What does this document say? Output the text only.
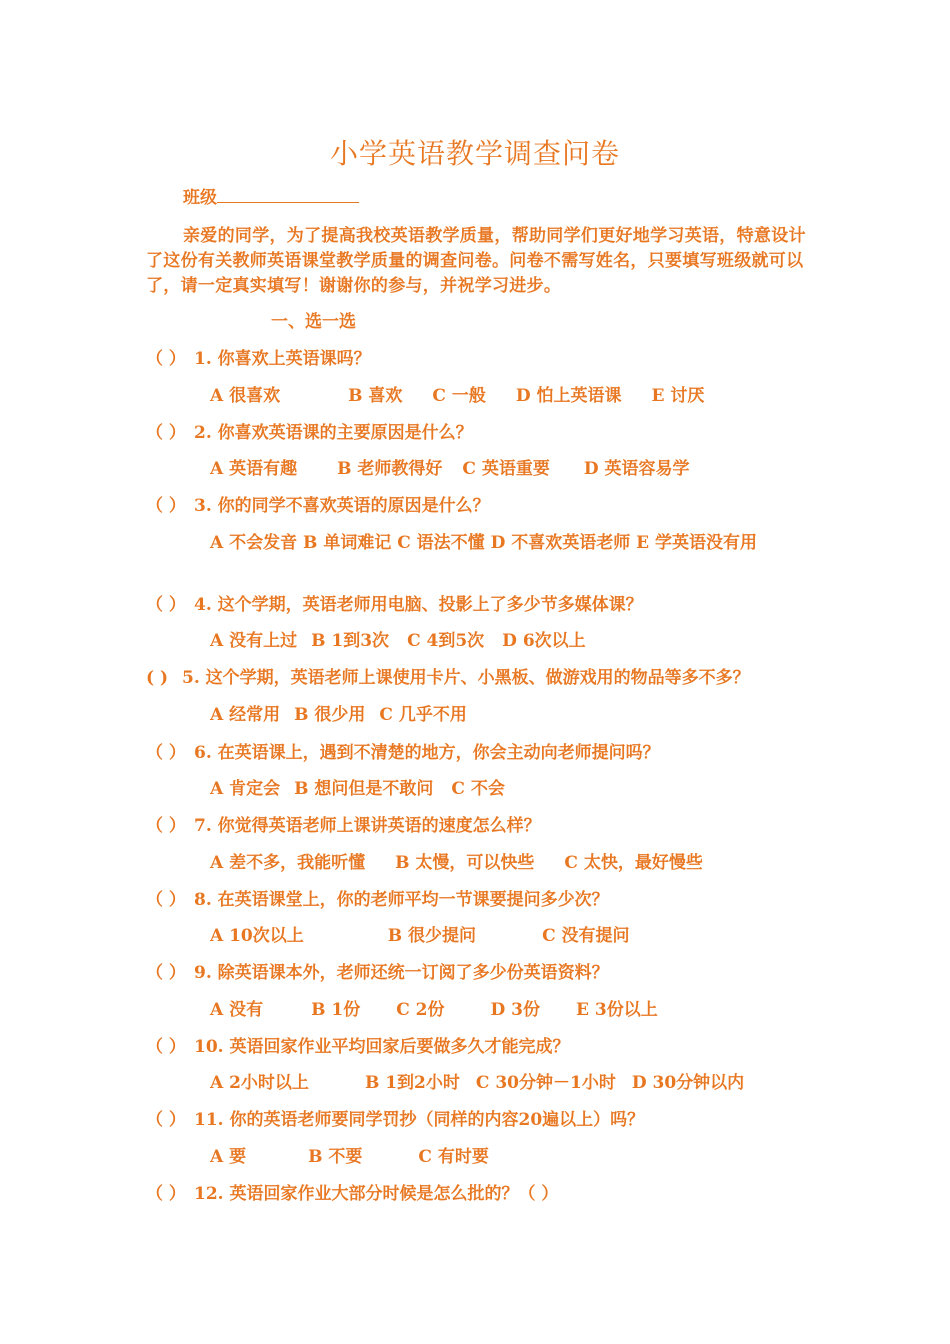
小学英语教学调查问卷
班级
亲爱的同学，为了提高我校英语教学质量，帮助同学们更好地学习英语，特意设计了这份有关教师英语课堂教学质量的调查问卷。问卷不需写姓名，只要填写班级就可以了，请一定真实填写！谢谢你的参与，并祝学习进步。
一、选一选
（ ） 1. 你喜欢上英语课吗？
A 很喜欢	B 喜欢 C 一般 D 怕上英语课 E 讨厌
（ ） 2. 你喜欢英语课的主要原因是什么？
A 英语有趣 B 老师教得好 C 英语重要 D 英语容易学
（ ） 3. 你的同学不喜欢英语的原因是什么？
A 不会发音 B 单词难记 C 语法不懂 D 不喜欢英语老师 E 学英语没有用
（ ） 4. 这个学期，英语老师用电脑、投影上了多少节多媒体课？
A 没有上过 B 1到3次 C 4到5次 D 6次以上
( ) 5. 这个学期，英语老师上课使用卡片、小黑板、做游戏用的物品等多不多？
A 经常用 B 很少用 C 几乎不用
（ ） 6. 在英语课上，遇到不清楚的地方，你会主动向老师提问吗？
A 肯定会 B 想问但是不敢问 C 不会
（ ） 7. 你觉得英语老师上课讲英语的速度怎么样？
A 差不多，我能听懂 B 太慢，可以快些 C 太快，最好慢些
（ ） 8. 在英语课堂上，你的老师平均一节课要提问多少次？
A 10次以上	B 很少提问	C 没有提问
（ ） 9. 除英语课本外，老师还统一订阅了多少份英语资料？
A 没有	B 1份 C 2份	D 3份 E 3份以上
（ ） 10. 英语回家作业平均回家后要做多久才能完成？
A 2小时以上	B 1到2小时 C 30分钟－1小时 D 30分钟以内
（ ） 11. 你的英语老师要同学罚抄（同样的内容20遍以上）吗？
A 要	B 不要	C 有时要
（ ） 12. 英语回家作业大部分时候是怎么批的？（ ）
